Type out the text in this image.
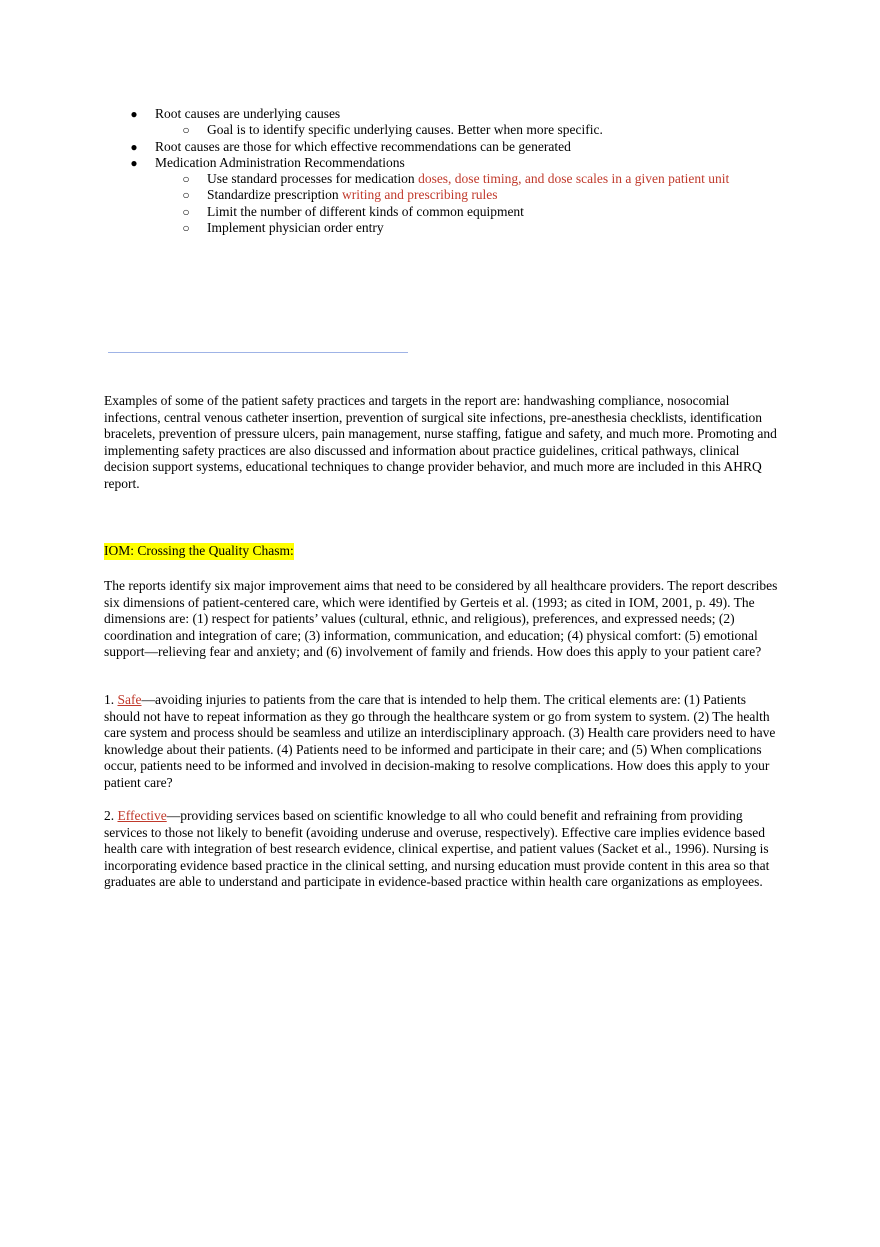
●	Root causes are underlying causes
○	Goal is to identify specific underlying causes. Better when more specific.
●	Root causes are those for which effective recommendations can be generated
●	Medication Administration Recommendations
○	Use standard processes for medication doses, dose timing, and dose scales in a given patient unit
○	Standardize prescription writing and prescribing rules
○	Limit the number of different kinds of common equipment
○	Implement physician order entry

Examples of some of the patient safety practices and targets in the report are: handwashing compliance, nosocomial infections, central venous catheter insertion, prevention of surgical site infections, pre-anesthesia checklists, identification bracelets, prevention of pressure ulcers, pain management, nurse staffing, fatigue and safety, and much more. Promoting and implementing safety practices are also discussed and information about practice guidelines, critical pathways, clinical decision support systems, educational techniques to change provider behavior, and much more are included in this AHRQ report.

IOM: Crossing the Quality Chasm:

The reports identify six major improvement aims that need to be considered by all healthcare providers. The report describes six dimensions of patient-centered care, which were identified by Gerteis et al. (1993; as cited in IOM, 2001, p. 49). The dimensions are: (1) respect for patients’ values (cultural, ethnic, and religious), preferences, and expressed needs; (2) coordination and integration of care; (3) information, communication, and education; (4) physical comfort: (5) emotional support—relieving fear and anxiety; and (6) involvement of family and friends. How does this apply to your patient care?

1. Safe—avoiding injuries to patients from the care that is intended to help them. The critical elements are: (1) Patients should not have to repeat information as they go through the healthcare system or go from system to system. (2) The health care system and process should be seamless and utilize an interdisciplinary approach. (3) Health care providers need to have knowledge about their patients. (4) Patients need to be informed and participate in their care; and (5) When complications occur, patients need to be informed and involved in decision-making to resolve complications. How does this apply to your patient care?

2. Effective—providing services based on scientific knowledge to all who could benefit and refraining from providing services to those not likely to benefit (avoiding underuse and overuse, respectively). Effective care implies evidence based health care with integration of best research evidence, clinical expertise, and patient values (Sacket et al., 1996). Nursing is incorporating evidence based practice in the clinical setting, and nursing education must provide content in this area so that graduates are able to understand and participate in evidence-based practice within health care organizations as employees.
